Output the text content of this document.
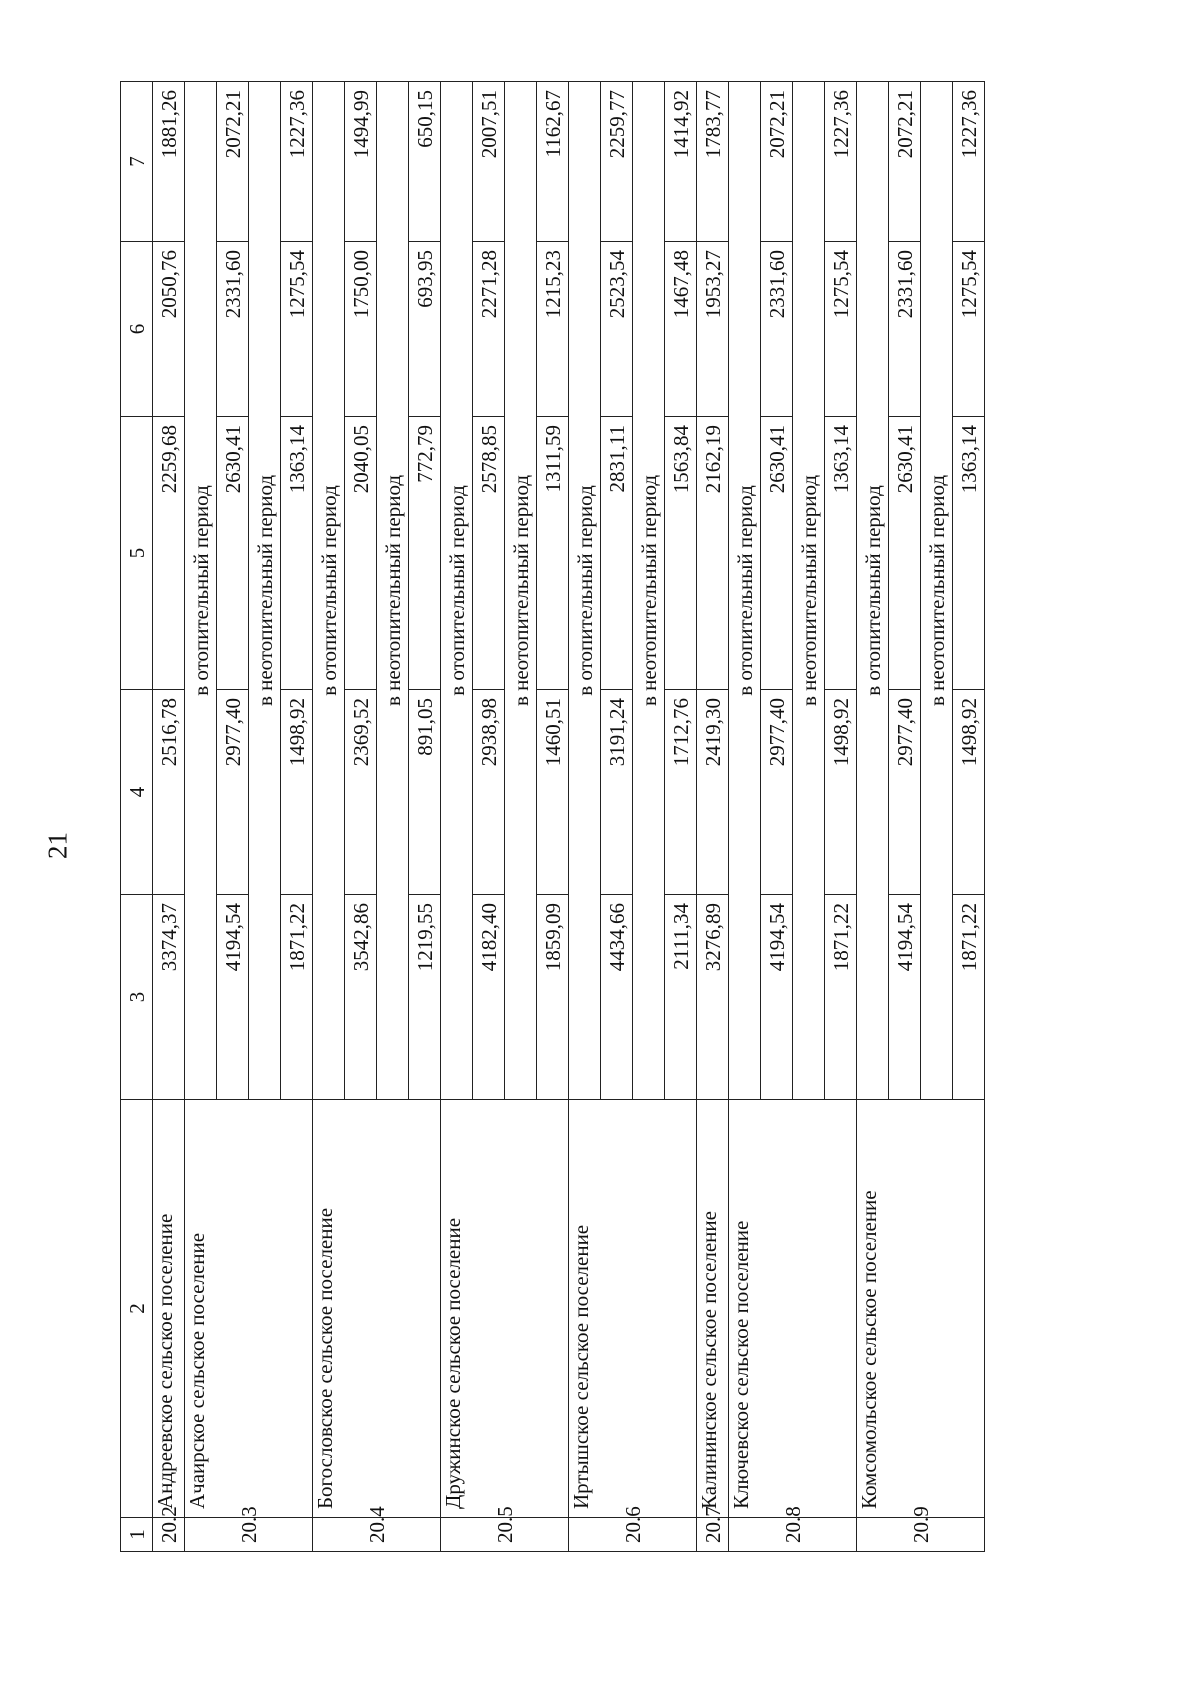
21
1	2	3	4	5	6	7
20.2	Андреевское сельское поселение	3374,37	2516,78	2259,68	2050,76	1881,26
20.3	Ачаирское сельское поселение	в отопительный период				
		4194,54	2977,40	2630,41	2331,60	2072,21
		в неотопительный период				
		1871,22	1498,92	1363,14	1275,54	1227,36
20.4	Богословское сельское поселение	в отопительный период				
		3542,86	2369,52	2040,05	1750,00	1494,99
		в неотопительный период				
		1219,55	891,05	772,79	693,95	650,15
20.5	Дружинское сельское поселение	в отопительный период				
		4182,40	2938,98	2578,85	2271,28	2007,51
		в неотопительный период				
		1859,09	1460,51	1311,59	1215,23	1162,67
20.6	Иртышское сельское поселение	в отопительный период				
		4434,66	3191,24	2831,11	2523,54	2259,77
		в неотопительный период				
		2111,34	1712,76	1563,84	1467,48	1414,92
20.7	Калининское сельское поселение	3276,89	2419,30	2162,19	1953,27	1783,77
20.8	Ключевское сельское поселение	в отопительный период				
		4194,54	2977,40	2630,41	2331,60	2072,21
		в неотопительный период				
		1871,22	1498,92	1363,14	1275,54	1227,36
20.9	Комсомольское сельское поселение	в отопительный период				
		4194,54	2977,40	2630,41	2331,60	2072,21
		в неотопительный период				
		1871,22	1498,92	1363,14	1275,54	1227,36
